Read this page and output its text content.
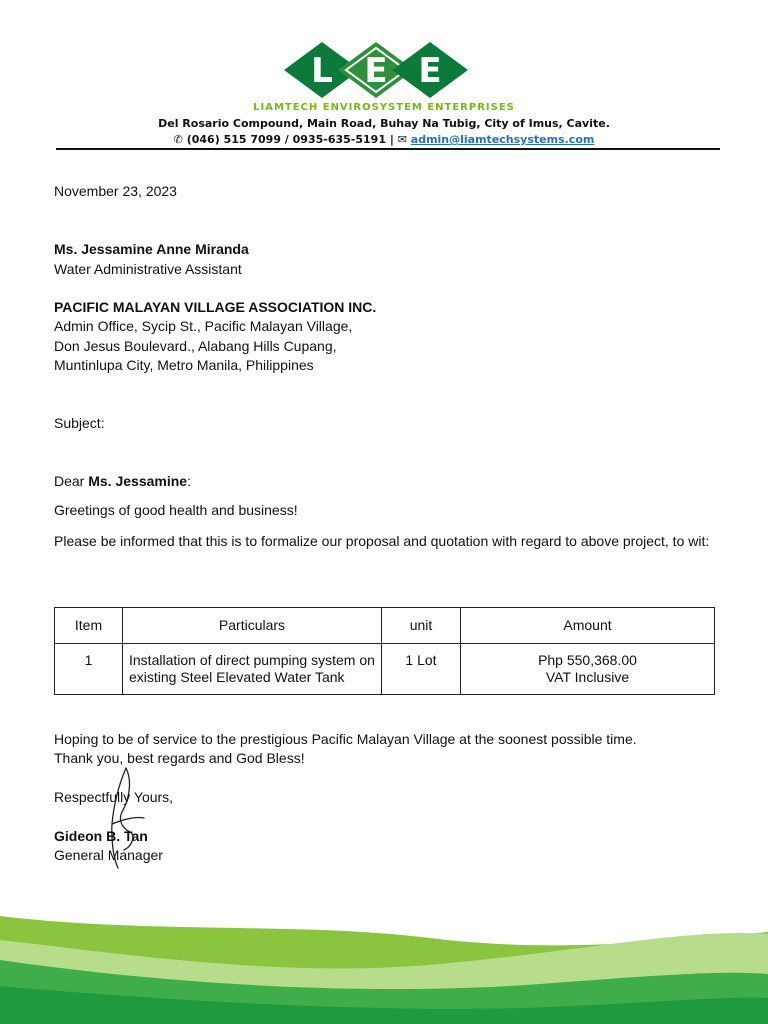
L E E
LIAMTECH ENVIROSYSTEM ENTERPRISES
Del Rosario Compound, Main Road, Buhay Na Tubig, City of Imus, Cavite.
✆ (046) 515 7099 / 0935-635-5191 | ✉ admin@liamtechsystems.com
November 23, 2023
Ms. Jessamine Anne Miranda
Water Administrative Assistant
PACIFIC MALAYAN VILLAGE ASSOCIATION INC.
Admin Office, Sycip St., Pacific Malayan Village,
Don Jesus Boulevard., Alabang Hills Cupang,
Muntinlupa City, Metro Manila, Philippines
Subject:
Dear Ms. Jessamine:
Greetings of good health and business!
Please be informed that this is to formalize our proposal and quotation with regard to above project, to wit:
Item	Particulars	unit	Amount
1	Installation of direct pumping system on existing Steel Elevated Water Tank	1 Lot	Php 550,368.00
VAT Inclusive
Hoping to be of service to the prestigious Pacific Malayan Village at the soonest possible time.
Thank you, best regards and God Bless!
Respectfully Yours,
Gideon B. Tan
General Manager
